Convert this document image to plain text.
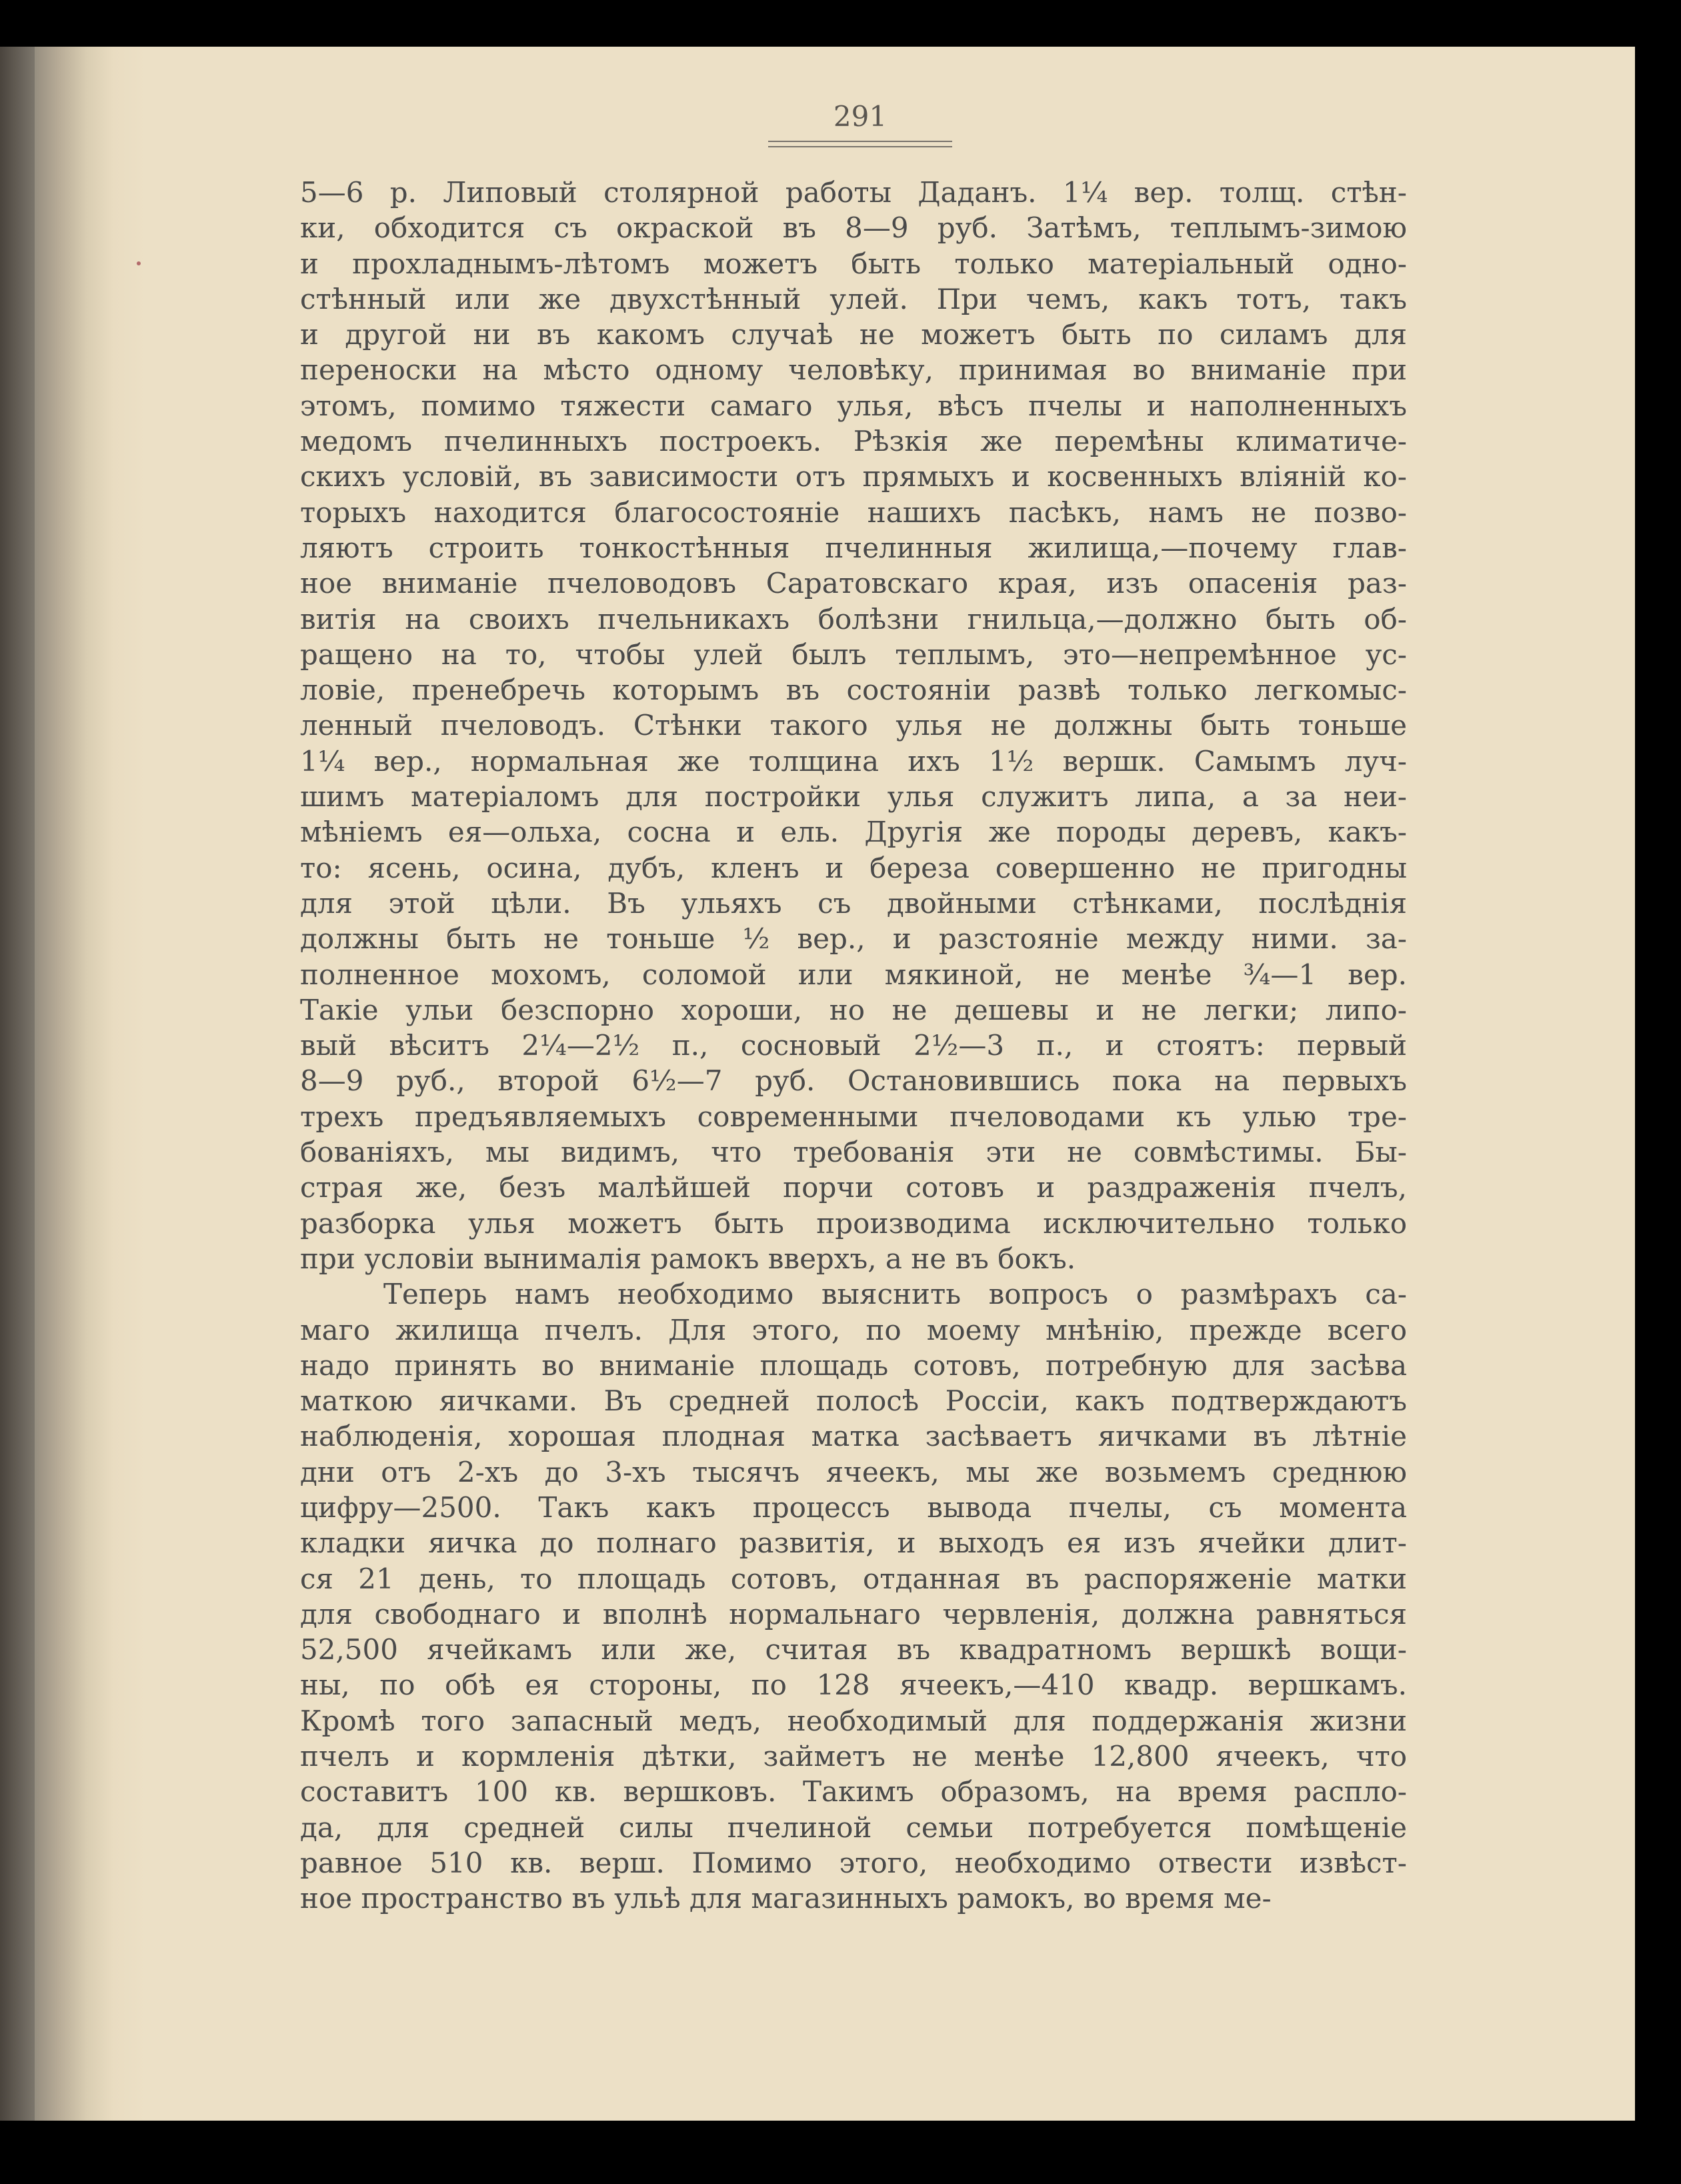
291
5—6 р. Липовый столярной работы Даданъ. 1¼ вер. толщ. стѣн-
ки, обходится съ окраской въ 8—9 руб. Затѣмъ, теплымъ-зимою
и прохладнымъ-лѣтомъ можетъ быть только матеріальный одно-
стѣнный или же двухстѣнный улей. При чемъ, какъ тотъ, такъ
и другой ни въ какомъ случаѣ не можетъ быть по силамъ для
переноски на мѣсто одному человѣку, принимая во вниманіе при
этомъ, помимо тяжести самаго улья, вѣсъ пчелы и наполненныхъ
медомъ пчелинныхъ построекъ. Рѣзкія же перемѣны климатиче-
скихъ условій, въ зависимости отъ прямыхъ и косвенныхъ вліяній ко-
торыхъ находится благосостояніе нашихъ пасѣкъ, намъ не позво-
ляютъ строить тонкостѣнныя пчелинныя жилища,—почему глав-
ное вниманіе пчеловодовъ Саратовскаго края, изъ опасенія раз-
витія на своихъ пчельникахъ болѣзни гнильца,—должно быть об-
ращено на то, чтобы улей былъ теплымъ, это—непремѣнное ус-
ловіе, пренебречь которымъ въ состояніи развѣ только легкомыс-
ленный пчеловодъ. Стѣнки такого улья не должны быть тоньше
1¼ вер., нормальная же толщина ихъ 1½ вершк. Самымъ луч-
шимъ матеріаломъ для постройки улья служитъ липа, а за неи-
мѣніемъ ея—ольха, сосна и ель. Другія же породы деревъ, какъ-
то: ясень, осина, дубъ, кленъ и береза совершенно не пригодны
для этой цѣли. Въ ульяхъ съ двойными стѣнками, послѣднія
должны быть не тоньше ½ вер., и разстояніе между ними. за-
полненное мохомъ, соломой или мякиной, не менѣе ¾—1 вер.
Такіе ульи безспорно хороши, но не дешевы и не легки; липо-
вый вѣситъ 2¼—2½ п., сосновый 2½—3 п., и стоятъ: первый
8—9 руб., второй 6½—7 руб. Остановившись пока на первыхъ
трехъ предъявляемыхъ современными пчеловодами къ улью тре-
бованіяхъ, мы видимъ, что требованія эти не совмѣстимы. Бы-
страя же, безъ малѣйшей порчи сотовъ и раздраженія пчелъ,
разборка улья можетъ быть производима исключительно только
при условіи вынималія рамокъ вверхъ, а не въ бокъ.
Теперь намъ необходимо выяснить вопросъ о размѣрахъ са-
маго жилища пчелъ. Для этого, по моему мнѣнію, прежде всего
надо принять во вниманіе площадь сотовъ, потребную для засѣва
маткою яичками. Въ средней полосѣ Россіи, какъ подтверждаютъ
наблюденія, хорошая плодная матка засѣваетъ яичками въ лѣтніе
дни отъ 2-хъ до 3-хъ тысячъ ячеекъ, мы же возьмемъ среднюю
цифру—2500. Такъ какъ процессъ вывода пчелы, съ момента
кладки яичка до полнаго развитія, и выходъ ея изъ ячейки длит-
ся 21 день, то площадь сотовъ, отданная въ распоряженіе матки
для свободнаго и вполнѣ нормальнаго червленія, должна равняться
52,500 ячейкамъ или же, считая въ квадратномъ вершкѣ вощи-
ны, по обѣ ея стороны, по 128 ячеекъ,—410 квадр. вершкамъ.
Кромѣ того запасный медъ, необходимый для поддержанія жизни
пчелъ и кормленія дѣтки, займетъ не менѣе 12,800 ячеекъ, что
составитъ 100 кв. вершковъ. Такимъ образомъ, на время распло-
да, для средней силы пчелиной семьи потребуется помѣщеніе
равное 510 кв. верш. Помимо этого, необходимо отвести извѣст-
ное пространство въ ульѣ для магазинныхъ рамокъ, во время ме-
